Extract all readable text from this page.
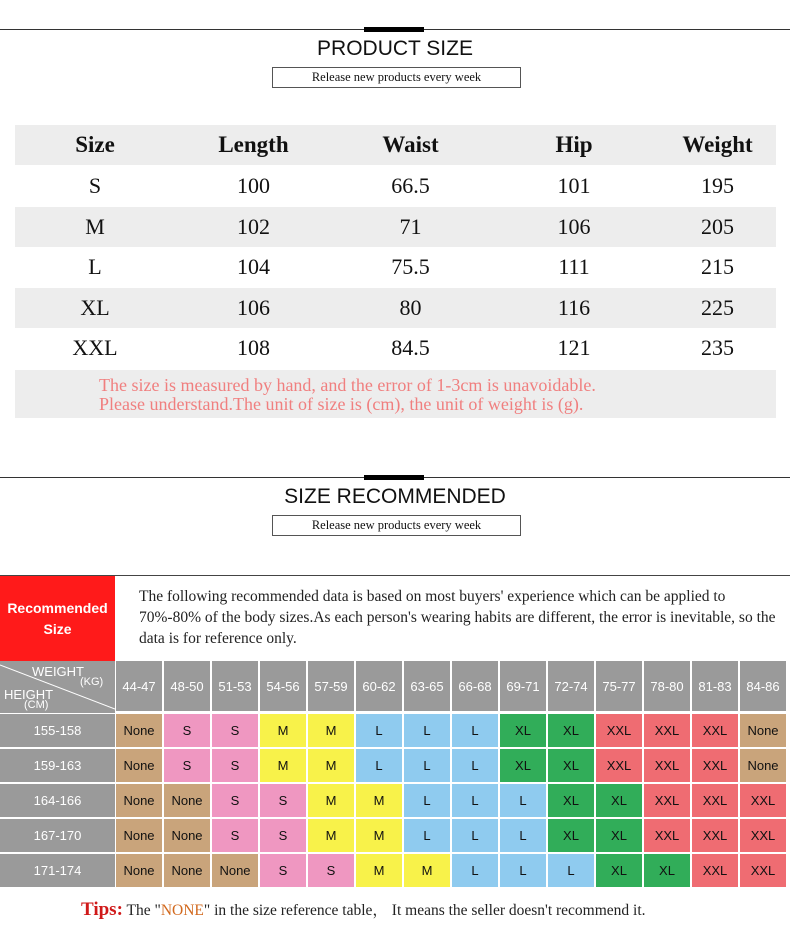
PRODUCT SIZE
Release new products every week
Size	Length	Waist	Hip	Weight
S	100	66.5	101	195
M	102	71	106	205
L	104	75.5	111	215
XL	106	80	116	225
XXL	108	84.5	121	235
The size is measured by hand, and the error of 1-3cm is unavoidable.
Please understand.The unit of size is (cm), the unit of weight is (g).
SIZE RECOMMENDED
Release new products every week
Recommended
Size
The following recommended data is based on most buyers' experience which can be applied to 70%-80% of the body sizes.As each person's wearing habits are different, the error is inevitable, so the data is for reference only.
WEIGHT
(KG)
HEIGHT
(CM)
44-47	48-50	51-53	54-56	57-59	60-62	63-65	66-68	69-71	72-74	75-77	78-80	81-83	84-86
155-158	None	S	S	M	M	L	L	L	XL	XL	XXL	XXL	XXL	None
159-163	None	S	S	M	M	L	L	L	XL	XL	XXL	XXL	XXL	None
164-166	None	None	S	S	M	M	L	L	L	XL	XL	XXL	XXL	XXL
167-170	None	None	S	S	M	M	L	L	L	XL	XL	XXL	XXL	XXL
171-174	None	None	None	S	S	M	M	L	L	L	XL	XL	XXL	XXL
Tips: The "NONE" in the size reference table， It means the seller doesn't recommend it.
